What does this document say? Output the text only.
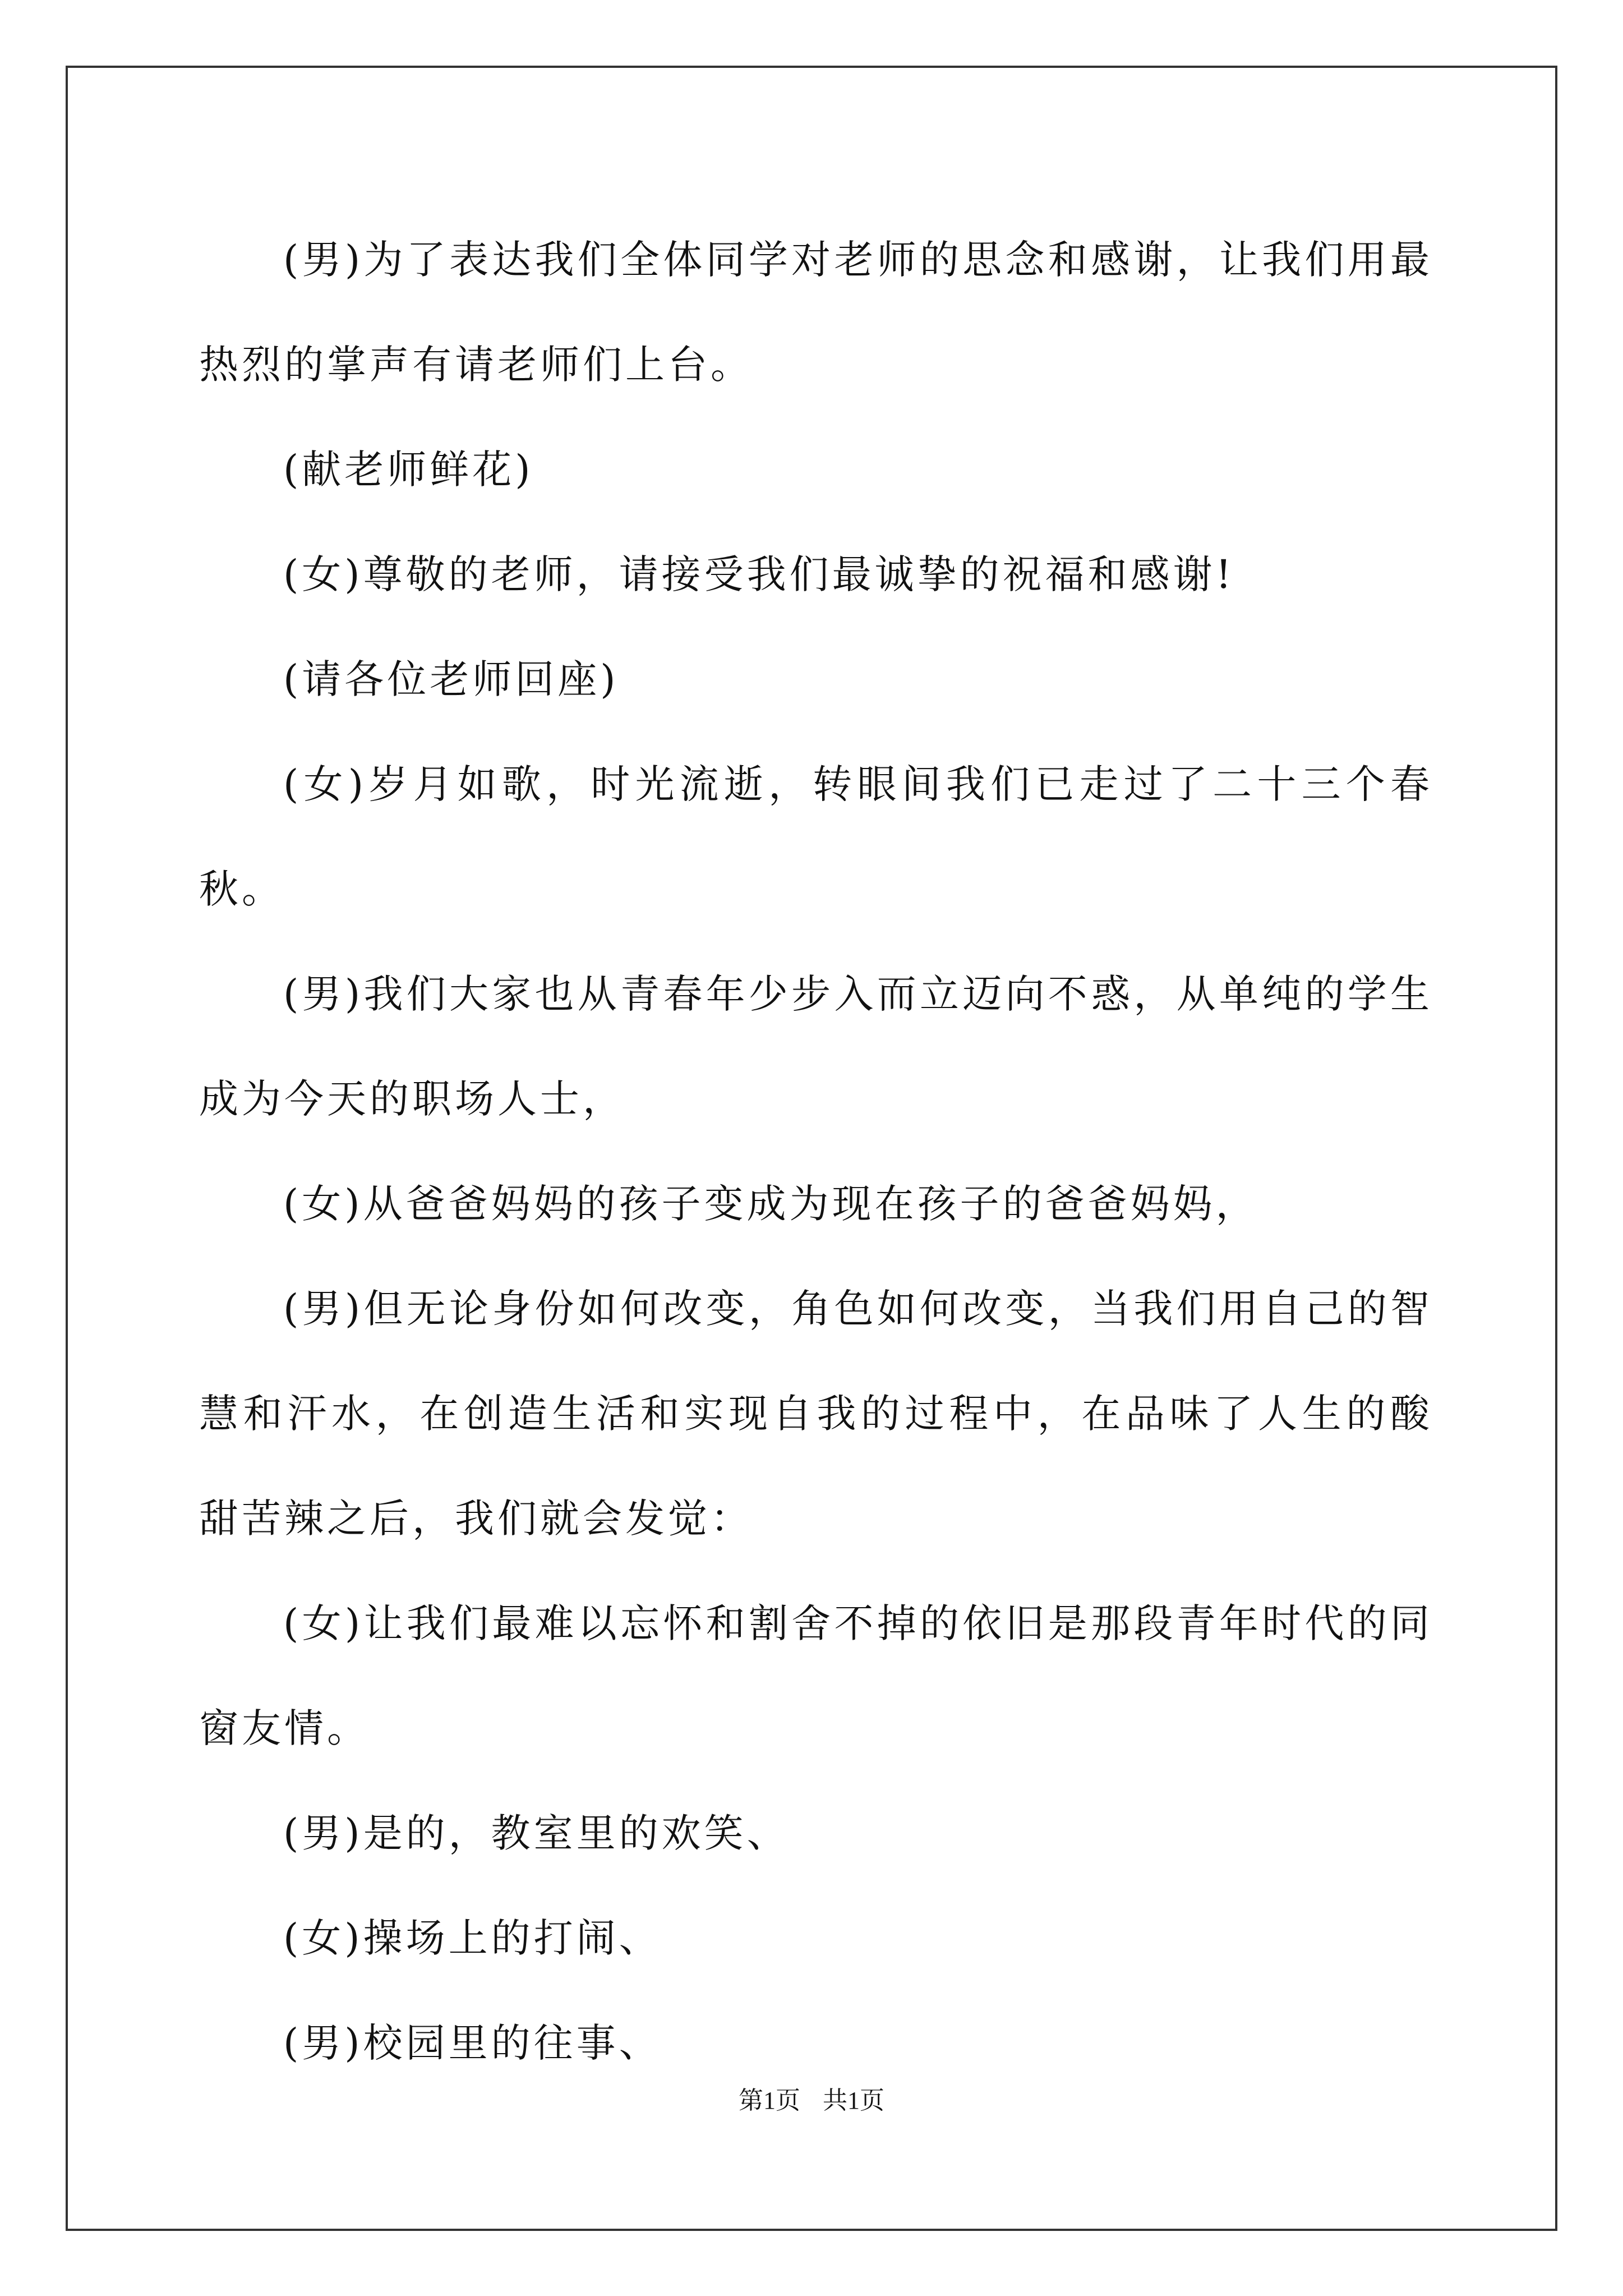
(男)为了表达我们全体同学对老师的思念和感谢，让我们用最热烈的掌声有请老师们上台。

(献老师鲜花)

(女)尊敬的老师，请接受我们最诚挚的祝福和感谢!

(请各位老师回座)

(女)岁月如歌，时光流逝，转眼间我们已走过了二十三个春秋。

(男)我们大家也从青春年少步入而立迈向不惑，从单纯的学生成为今天的职场人士，

(女)从爸爸妈妈的孩子变成为现在孩子的爸爸妈妈，

(男)但无论身份如何改变，角色如何改变，当我们用自己的智慧和汗水，在创造生活和实现自我的过程中，在品味了人生的酸甜苦辣之后，我们就会发觉：

(女)让我们最难以忘怀和割舍不掉的依旧是那段青年时代的同窗友情。

(男)是的，教室里的欢笑、

(女)操场上的打闹、

(男)校园里的往事、

第1页 共1页
